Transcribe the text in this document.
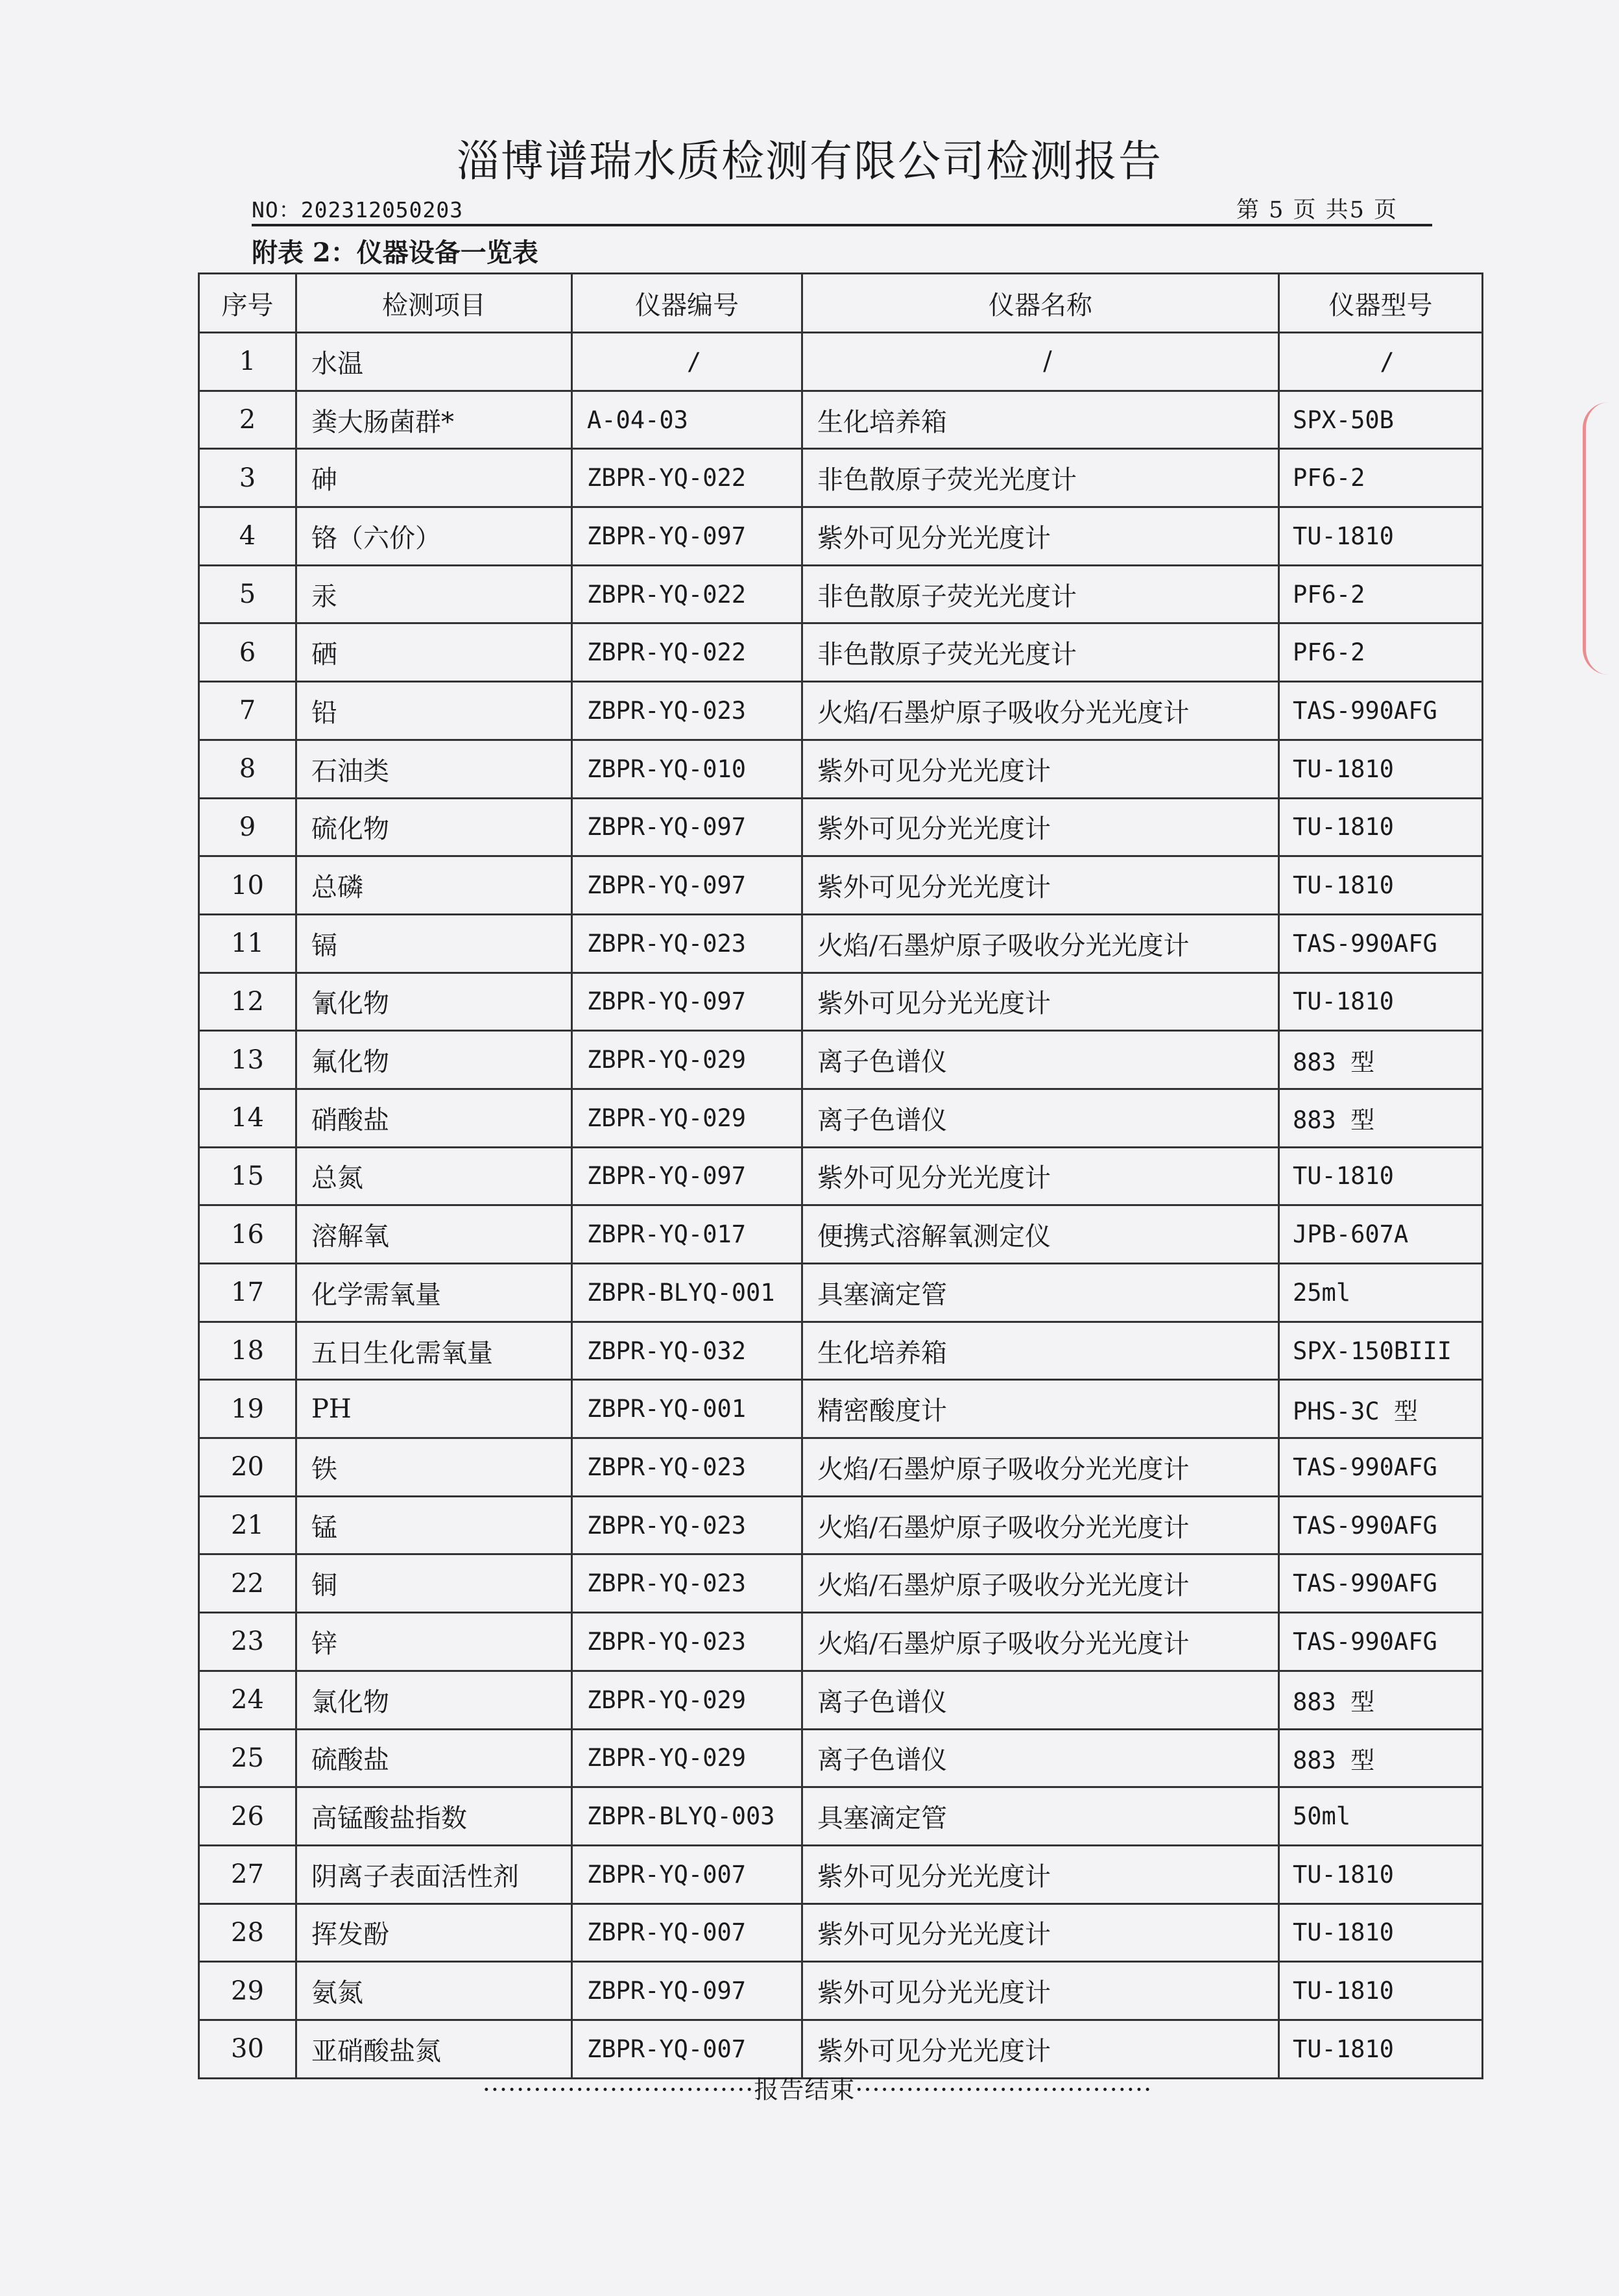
淄博谱瑞水质检测有限公司检测报告
NO：202312050203	第 5 页 共5 页
附表 2：仪器设备一览表
序号	检测项目	仪器编号	仪器名称	仪器型号
1	水温	/	/	/
2	粪大肠菌群*	A-04-03	生化培养箱	SPX-50B
3	砷	ZBPR-YQ-022	非色散原子荧光光度计	PF6-2
4	铬（六价）	ZBPR-YQ-097	紫外可见分光光度计	TU-1810
5	汞	ZBPR-YQ-022	非色散原子荧光光度计	PF6-2
6	硒	ZBPR-YQ-022	非色散原子荧光光度计	PF6-2
7	铅	ZBPR-YQ-023	火焰/石墨炉原子吸收分光光度计	TAS-990AFG
8	石油类	ZBPR-YQ-010	紫外可见分光光度计	TU-1810
9	硫化物	ZBPR-YQ-097	紫外可见分光光度计	TU-1810
10	总磷	ZBPR-YQ-097	紫外可见分光光度计	TU-1810
11	镉	ZBPR-YQ-023	火焰/石墨炉原子吸收分光光度计	TAS-990AFG
12	氰化物	ZBPR-YQ-097	紫外可见分光光度计	TU-1810
13	氟化物	ZBPR-YQ-029	离子色谱仪	883 型
14	硝酸盐	ZBPR-YQ-029	离子色谱仪	883 型
15	总氮	ZBPR-YQ-097	紫外可见分光光度计	TU-1810
16	溶解氧	ZBPR-YQ-017	便携式溶解氧测定仪	JPB-607A
17	化学需氧量	ZBPR-BLYQ-001	具塞滴定管	25ml
18	五日生化需氧量	ZBPR-YQ-032	生化培养箱	SPX-150BIII
19	PH	ZBPR-YQ-001	精密酸度计	PHS-3C 型
20	铁	ZBPR-YQ-023	火焰/石墨炉原子吸收分光光度计	TAS-990AFG
21	锰	ZBPR-YQ-023	火焰/石墨炉原子吸收分光光度计	TAS-990AFG
22	铜	ZBPR-YQ-023	火焰/石墨炉原子吸收分光光度计	TAS-990AFG
23	锌	ZBPR-YQ-023	火焰/石墨炉原子吸收分光光度计	TAS-990AFG
24	氯化物	ZBPR-YQ-029	离子色谱仪	883 型
25	硫酸盐	ZBPR-YQ-029	离子色谱仪	883 型
26	高锰酸盐指数	ZBPR-BLYQ-003	具塞滴定管	50ml
27	阴离子表面活性剂	ZBPR-YQ-007	紫外可见分光光度计	TU-1810
28	挥发酚	ZBPR-YQ-007	紫外可见分光光度计	TU-1810
29	氨氮	ZBPR-YQ-097	紫外可见分光光度计	TU-1810
30	亚硝酸盐氮	ZBPR-YQ-007	紫外可见分光光度计	TU-1810
································报告结束···································
